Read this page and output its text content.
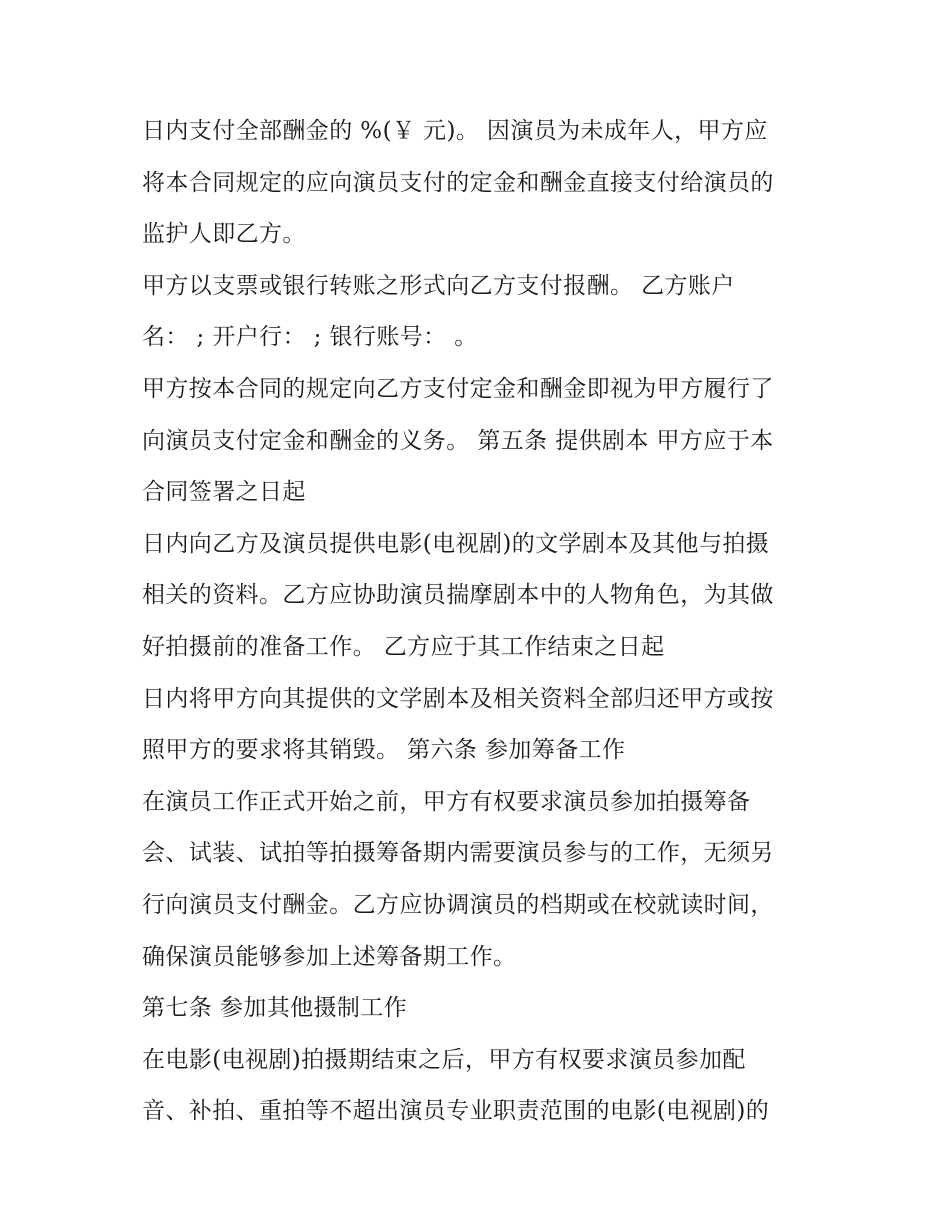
日内支付全部酬金的 %(￥ 元)。 因演员为未成年人，甲方应
将本合同规定的应向演员支付的定金和酬金直接支付给演员的
监护人即乙方。
甲方以支票或银行转账之形式向乙方支付报酬。 乙方账户
名： ; 开户行： ; 银行账号： 。
甲方按本合同的规定向乙方支付定金和酬金即视为甲方履行了
向演员支付定金和酬金的义务。 第五条 提供剧本 甲方应于本
合同签署之日起
日内向乙方及演员提供电影(电视剧)的文学剧本及其他与拍摄
相关的资料。乙方应协助演员揣摩剧本中的人物角色，为其做
好拍摄前的准备工作。 乙方应于其工作结束之日起
日内将甲方向其提供的文学剧本及相关资料全部归还甲方或按
照甲方的要求将其销毁。 第六条 参加筹备工作
在演员工作正式开始之前，甲方有权要求演员参加拍摄筹备
会、试装、试拍等拍摄筹备期内需要演员参与的工作，无须另
行向演员支付酬金。乙方应协调演员的档期或在校就读时间，
确保演员能够参加上述筹备期工作。
第七条 参加其他摄制工作
在电影(电视剧)拍摄期结束之后，甲方有权要求演员参加配
音、补拍、重拍等不超出演员专业职责范围的电影(电视剧)的
